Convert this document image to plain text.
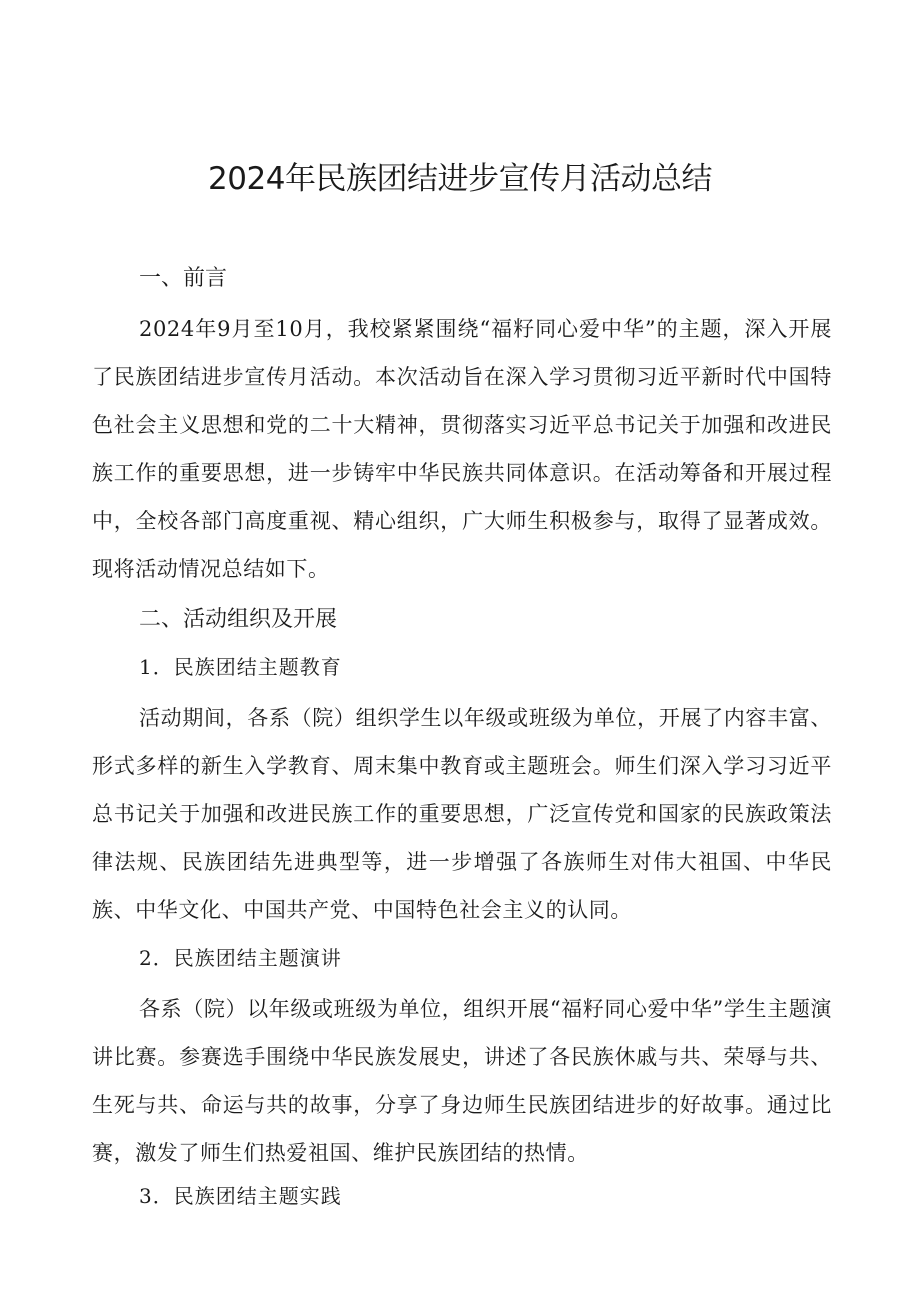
2024年民族团结进步宣传月活动总结
一、前言

2024年9月至10月，我校紧紧围绕“福籽同心爱中华”的主题，深入开展了民族团结进步宣传月活动。本次活动旨在深入学习贯彻习近平新时代中国特色社会主义思想和党的二十大精神，贯彻落实习近平总书记关于加强和改进民族工作的重要思想，进一步铸牢中华民族共同体意识。在活动筹备和开展过程中，全校各部门高度重视、精心组织，广大师生积极参与，取得了显著成效。现将活动情况总结如下。

二、活动组织及开展
1．民族团结主题教育

活动期间，各系（院）组织学生以年级或班级为单位，开展了内容丰富、形式多样的新生入学教育、周末集中教育或主题班会。师生们深入学习习近平总书记关于加强和改进民族工作的重要思想，广泛宣传党和国家的民族政策法律法规、民族团结先进典型等，进一步增强了各族师生对伟大祖国、中华民族、中华文化、中国共产党、中国特色社会主义的认同。

2．民族团结主题演讲

各系（院）以年级或班级为单位，组织开展“福籽同心爱中华”学生主题演讲比赛。参赛选手围绕中华民族发展史，讲述了各民族休戚与共、荣辱与共、生死与共、命运与共的故事，分享了身边师生民族团结进步的好故事。通过比赛，激发了师生们热爱祖国、维护民族团结的热情。

3．民族团结主题实践
